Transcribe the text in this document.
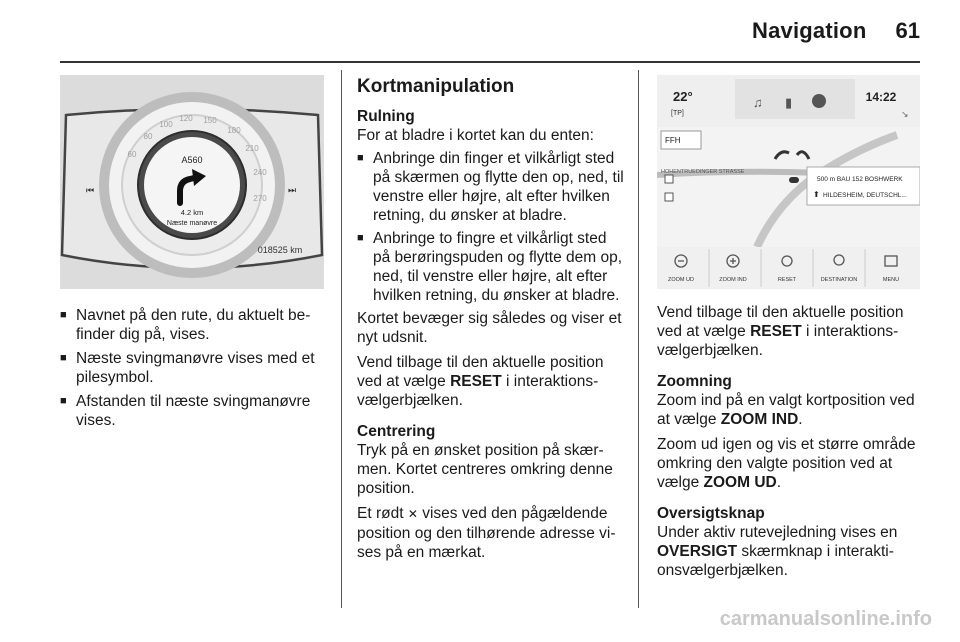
Navigation	61
60
80
100
120 150
180
210
240
270
A560
4.2 km
Næste manøvre
⏮	⏭
018525 km
■ Navnet på den rute, du aktuelt befinder dig på, vises.
■ Næste svingmanøvre vises med et pilesymbol.
■ Afstanden til næste svingmanøvre vises.
Kortmanipulation
Rulning

For at bladre i kortet kan du enten:

■ Anbringe din finger et vilkårligt sted på skærmen og flytte den op, ned, til venstre eller højre, alt efter hvilken retning, du ønsker at bladre.
■ Anbringe to fingre et vilkårligt sted på berøringspuden og flytte dem op, ned, til venstre eller højre, alt efter hvilken retning, du ønsker at bladre.

Kortet bevæger sig således og viser et nyt udsnit.

Vend tilbage til den aktuelle position ved at vælge RESET i interaktionsvælgerbjælken.

Centrering

Tryk på en ønsket position på skærmen. Kortet centreres omkring denne position.

Et rødt ✕ vises ved den pågældende position og den tilhørende adresse vises på en mærkat.

22°
[TP]
♫ ▮	14:22
↘
FFH
HOHENTRUEDINGER STRASSE
500 m BAU 152 BOSHWERK
HILDESHEIM, DEUTSCHL...
⬆
ZOOM UD	ZOOM IND	RESET	DESTINATION	MENU

Vend tilbage til den aktuelle position ved at vælge RESET i interaktionsvælgerbjælken.

Zoomning

Zoom ind på en valgt kortposition ved at vælge ZOOM IND.

Zoom ud igen og vis et større område omkring den valgte position ved at vælge ZOOM UD.

Oversigtsknap

Under aktiv rutevejledning vises en OVERSIGT skærmknap i interaktionsvælgerbjælken.

carmanualsonline.info
